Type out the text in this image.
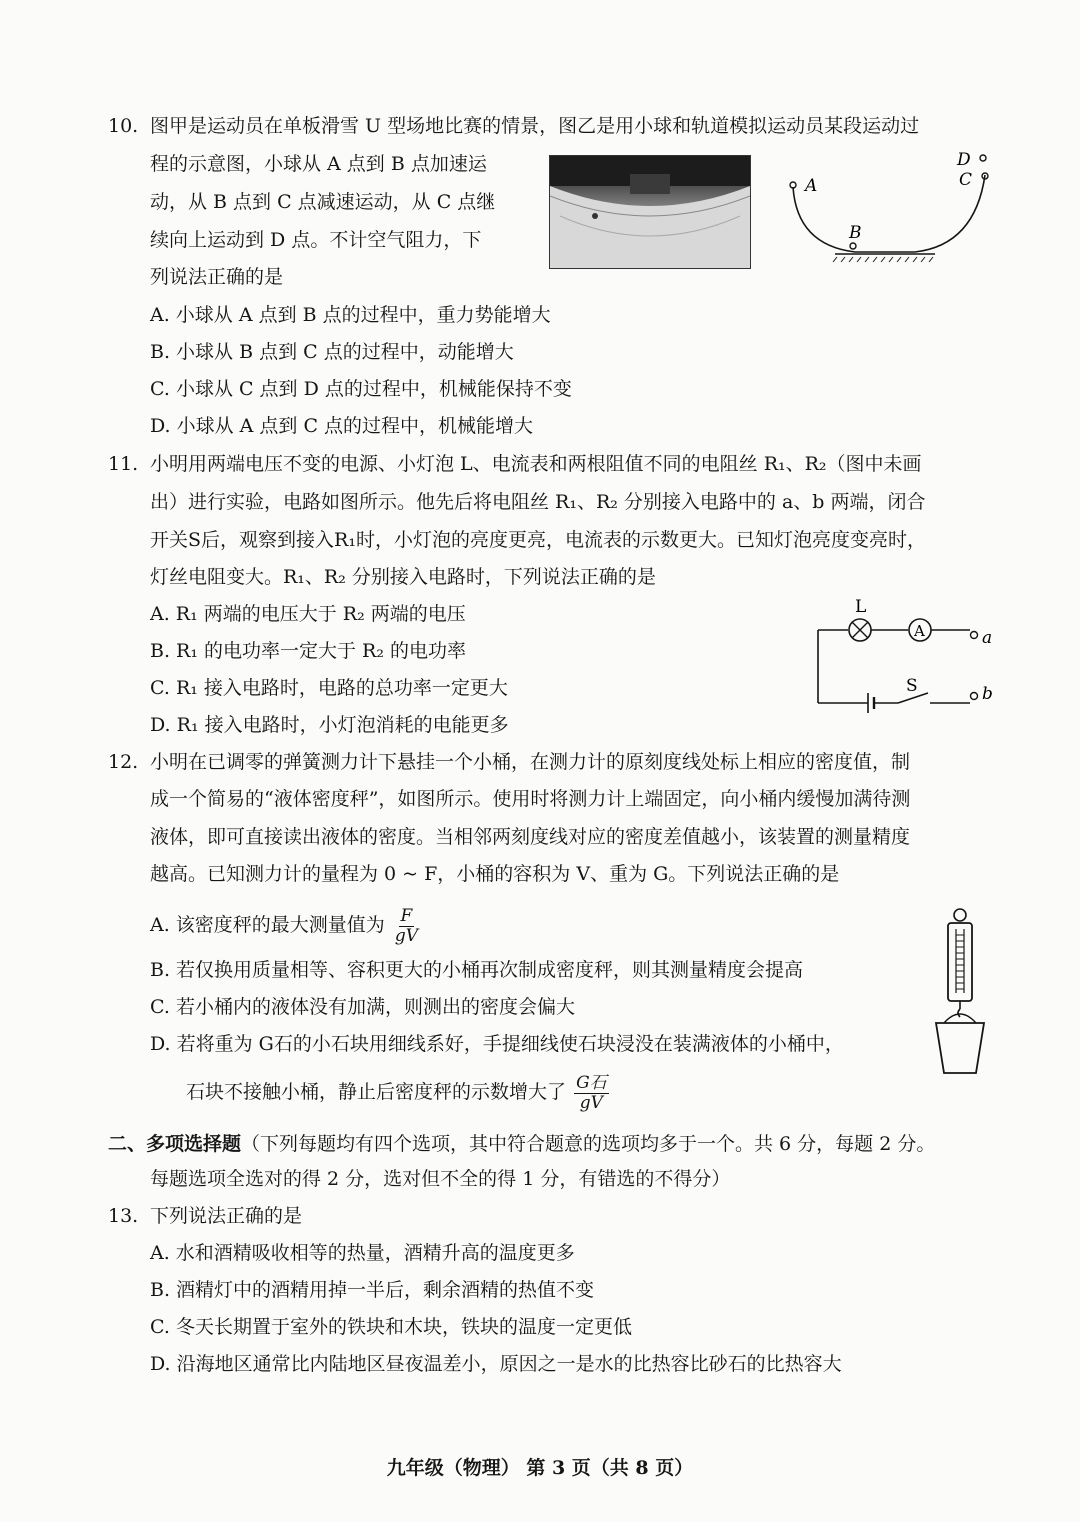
10. 图甲是运动员在单板滑雪 U 型场地比赛的情景，图乙是用小球和轨道模拟运动员某段运动过
程的示意图，小球从 A 点到 B 点加速运
动，从 B 点到 C 点减速运动，从 C 点继
续向上运动到 D 点。不计空气阻力，下
列说法正确的是
A
B
C
D
A. 小球从 A 点到 B 点的过程中，重力势能增大
B. 小球从 B 点到 C 点的过程中，动能增大
C. 小球从 C 点到 D 点的过程中，机械能保持不变
D. 小球从 A 点到 C 点的过程中，机械能增大
11. 小明用两端电压不变的电源、小灯泡 L、电流表和两根阻值不同的电阻丝 R₁、R₂（图中未画
出）进行实验，电路如图所示。他先后将电阻丝 R₁、R₂ 分别接入电路中的 a、b 两端，闭合
开关S后，观察到接入R₁时，小灯泡的亮度更亮，电流表的示数更大。已知灯泡亮度变亮时，
灯丝电阻变大。R₁、R₂ 分别接入电路时，下列说法正确的是
A. R₁ 两端的电压大于 R₂ 两端的电压
B. R₁ 的电功率一定大于 R₂ 的电功率
C. R₁ 接入电路时，电路的总功率一定更大
D. R₁ 接入电路时，小灯泡消耗的电能更多
L
A	a
S	b
12. 小明在已调零的弹簧测力计下悬挂一个小桶，在测力计的原刻度线处标上相应的密度值，制
成一个简易的“液体密度秤”，如图所示。使用时将测力计上端固定，向小桶内缓慢加满待测
液体，即可直接读出液体的密度。当相邻两刻度线对应的密度差值越小，该装置的测量精度
越高。已知测力计的量程为 0 ~ F，小桶的容积为 V、重为 G。下列说法正确的是
A. 该密度秤的最大测量值为 $\frac{F}{gV}$
B. 若仅换用质量相等、容积更大的小桶再次制成密度秤，则其测量精度会提高
C. 若小桶内的液体没有加满，则测出的密度会偏大
D. 若将重为 G石的小石块用细线系好，手提细线使石块浸没在装满液体的小桶中，
石块不接触小桶，静止后密度秤的示数增大了 $\frac{\text{G石}}{gV}$
二、多项选择题（下列每题均有四个选项，其中符合题意的选项均多于一个。共 6 分，每题 2 分。
每题选项全选对的得 2 分，选对但不全的得 1 分，有错选的不得分）
13. 下列说法正确的是
A. 水和酒精吸收相等的热量，酒精升高的温度更多
B. 酒精灯中的酒精用掉一半后，剩余酒精的热值不变
C. 冬天长期置于室外的铁块和木块，铁块的温度一定更低
D. 沿海地区通常比内陆地区昼夜温差小，原因之一是水的比热容比砂石的比热容大
九年级（物理） 第 3 页（共 8 页）
